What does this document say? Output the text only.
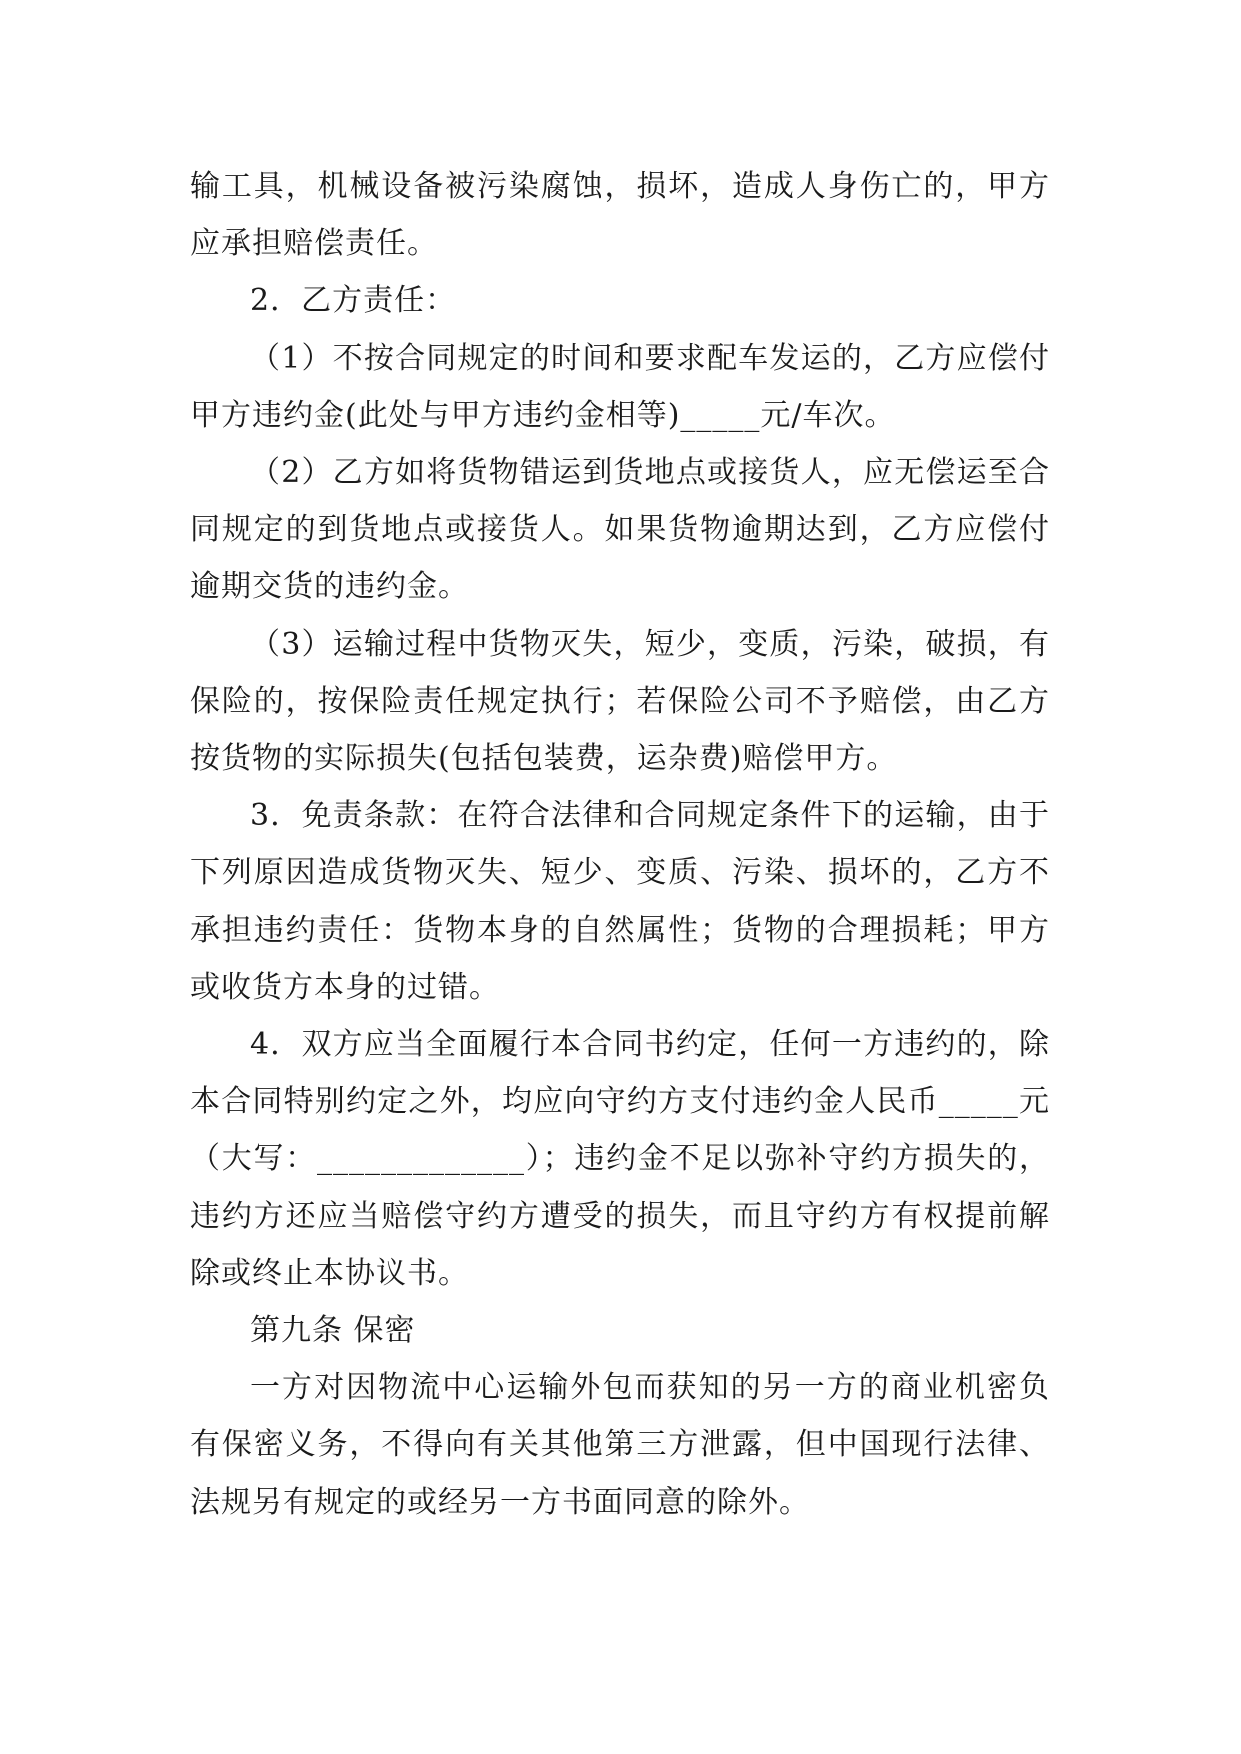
输工具，机械设备被污染腐蚀，损坏，造成人身伤亡的，甲方应承担赔偿责任。

2．乙方责任：

（1）不按合同规定的时间和要求配车发运的，乙方应偿付甲方违约金(此处与甲方违约金相等)_____元/车次。

（2）乙方如将货物错运到货地点或接货人，应无偿运至合同规定的到货地点或接货人。如果货物逾期达到，乙方应偿付逾期交货的违约金。

（3）运输过程中货物灭失，短少，变质，污染，破损，有保险的，按保险责任规定执行；若保险公司不予赔偿，由乙方按货物的实际损失(包括包装费，运杂费)赔偿甲方。

3．免责条款：在符合法律和合同规定条件下的运输，由于下列原因造成货物灭失、短少、变质、污染、损坏的，乙方不承担违约责任：货物本身的自然属性；货物的合理损耗；甲方或收货方本身的过错。

4．双方应当全面履行本合同书约定，任何一方违约的，除本合同特别约定之外，均应向守约方支付违约金人民币_____元（大写：_____________）；违约金不足以弥补守约方损失的，违约方还应当赔偿守约方遭受的损失，而且守约方有权提前解除或终止本协议书。

第九条 保密

一方对因物流中心运输外包而获知的另一方的商业机密负有保密义务，不得向有关其他第三方泄露，但中国现行法律、法规另有规定的或经另一方书面同意的除外。
